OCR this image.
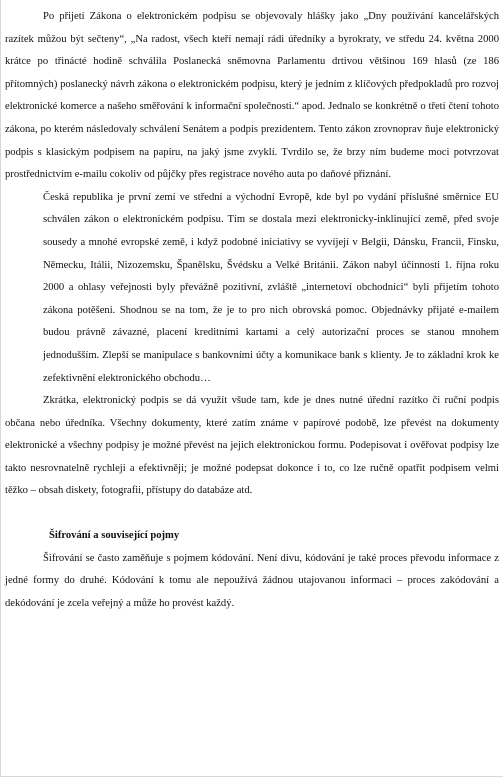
Po přijetí Zákona o elektronickém podpisu se objevovaly hlášky jako „Dny používání kancelářských razítek můžou být sečteny“, „Na radost, všech kteří nemají rádi úředníky a byrokraty, ve středu 24. května 2000 krátce po třinácté hodině schválila Poslanecká sněmovna Parlamentu drtivou většinou 169 hlasů (ze 186 přítomných) poslanecký návrh zákona o elektronickém podpisu, který je jedním z klíčových předpokladů pro rozvoj elektronické komerce a našeho směřování k informační společnosti.“ apod. Jednalo se konkrétně o třetí čtení tohoto zákona, po kterém následovaly schválení Senátem a podpis prezidentem. Tento zákon zrovnoprav ňuje elektronický podpis s klasickým podpisem na papíru, na jaký jsme zvyklí. Tvrdilo se, že brzy ním budeme moci potvrzovat prostřednictvím e-mailu cokoliv od půjčky přes registrace nového auta po daňové přiznání.

Česká republika je první zemí ve střední a východní Evropě, kde byl po vydání příslušné směrnice EU schválen zákon o elektronickém podpisu. Tím se dostala mezi elektronicky-inklinující země, před svoje sousedy a mnohé evropské země, i když podobné iniciativy se vyvíjejí v Belgii, Dánsku, Francii, Finsku, Německu, Itálii, Nizozemsku, Španělsku, Švédsku a Velké Británii. Zákon nabyl účinnosti 1. října roku 2000 a ohlasy veřejnosti byly převážně pozitivní, zvláště „internetoví obchodníci“ byli přijetím tohoto zákona potěšeni. Shodnou se na tom, že je to pro nich obrovská pomoc. Objednávky přijaté e-mailem budou právně závazné, placení kreditními kartami a celý autorizační proces se stanou mnohem jednodušším. Zlepší se manipulace s bankovními účty a komunikace bank s klienty. Je to základní krok ke zefektivnění elektronického obchodu…

Zkrátka, elektronický podpis se dá využít všude tam, kde je dnes nutné úřední razítko či ruční podpis občana nebo úředníka. Všechny dokumenty, které zatím známe v papírové podobě, lze převést na dokumenty elektronické a všechny podpisy je možné převést na jejich elektronickou formu. Podepisovat i ověřovat podpisy lze takto nesrovnatelně rychleji a efektivněji; je možné podepsat dokonce i to, co lze ručně opatřit podpisem velmi těžko – obsah diskety, fotografii, přístupy do databáze atd.

Šifrování a související pojmy

Šifrování se často zaměňuje s pojmem kódování. Není divu, kódování je také proces převodu informace z jedné formy do druhé. Kódování k tomu ale nepoužívá žádnou utajovanou informaci – proces zakódování a dekódování je zcela veřejný a může ho provést každý.
